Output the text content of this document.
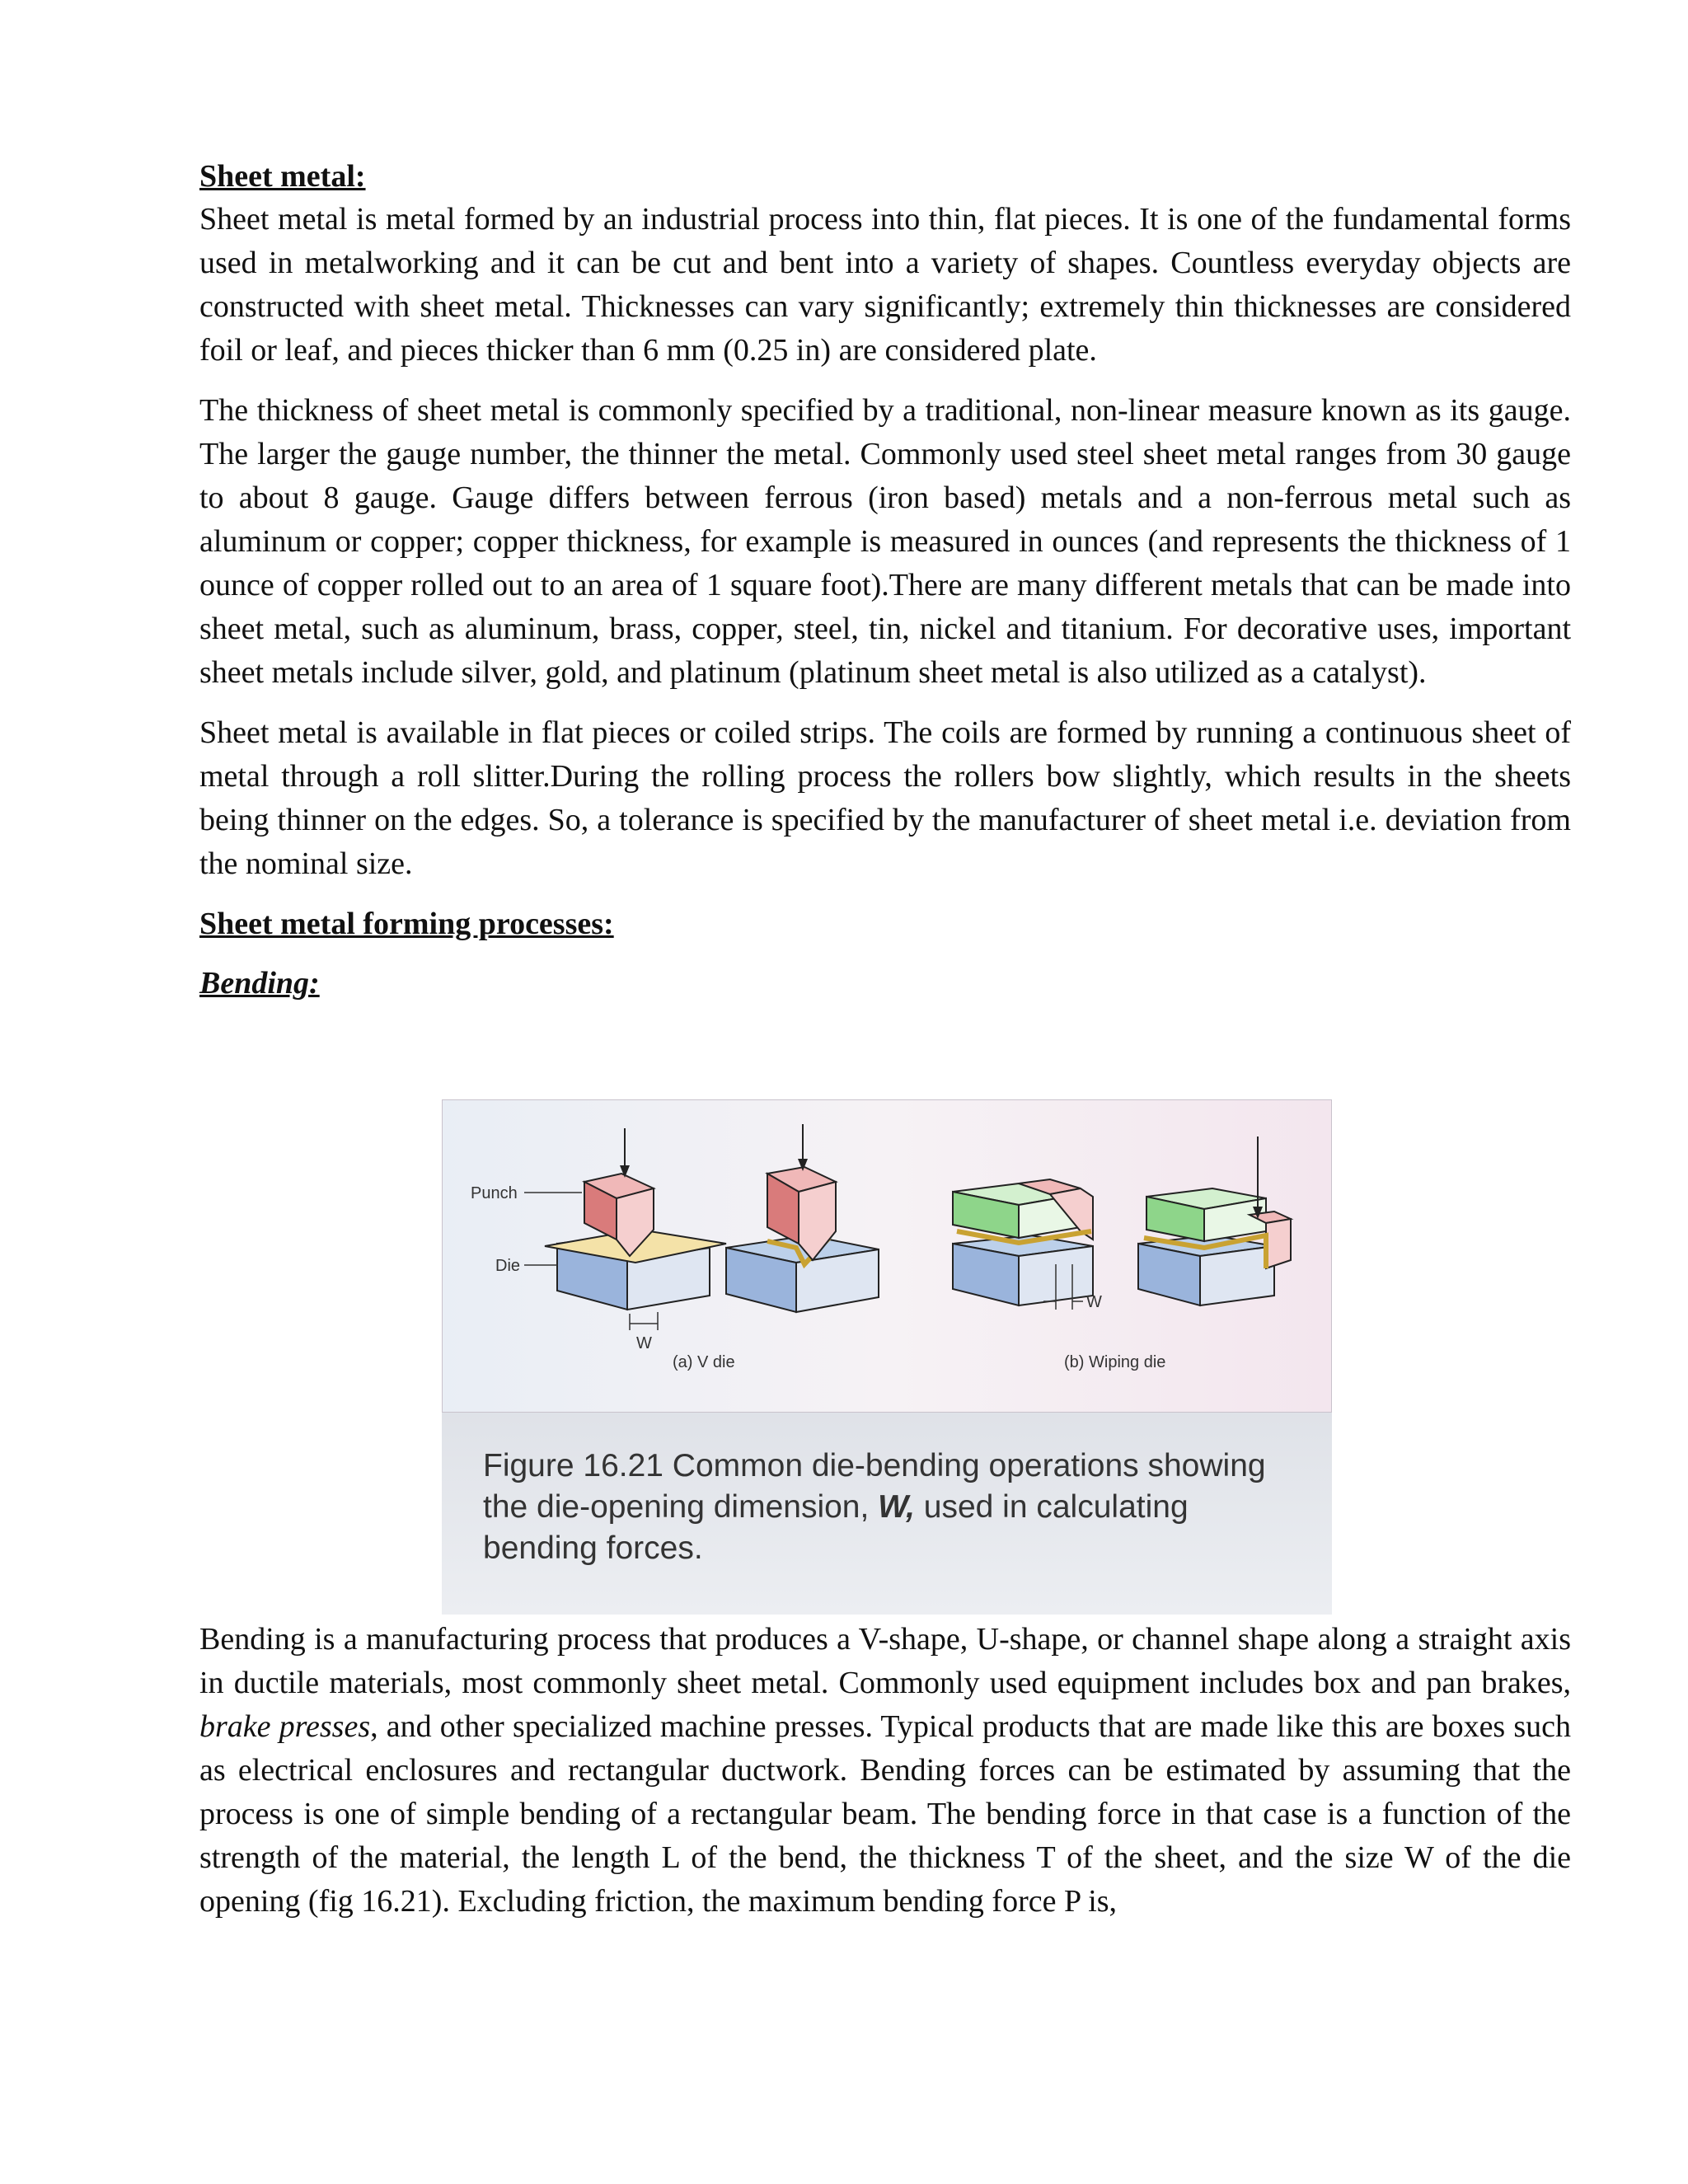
Sheet metal:

Sheet metal is metal formed by an industrial process into thin, flat pieces. It is one of the fundamental forms used in metalworking and it can be cut and bent into a variety of shapes. Countless everyday objects are constructed with sheet metal. Thicknesses can vary significantly; extremely thin thicknesses are considered foil or leaf, and pieces thicker than 6 mm (0.25 in) are considered plate.

The thickness of sheet metal is commonly specified by a traditional, non-linear measure known as its gauge. The larger the gauge number, the thinner the metal. Commonly used steel sheet metal ranges from 30 gauge to about 8 gauge. Gauge differs between ferrous (iron based) metals and a non-ferrous metal such as aluminum or copper; copper thickness, for example is measured in ounces (and represents the thickness of 1 ounce of copper rolled out to an area of 1 square foot).There are many different metals that can be made into sheet metal, such as aluminum, brass, copper, steel, tin, nickel and titanium. For decorative uses, important sheet metals include silver, gold, and platinum (platinum sheet metal is also utilized as a catalyst).

Sheet metal is available in flat pieces or coiled strips. The coils are formed by running a continuous sheet of metal through a roll slitter.During the rolling process the rollers bow slightly, which results in the sheets being thinner on the edges. So, a tolerance is specified by the manufacturer of sheet metal i.e. deviation from the nominal size.

Sheet metal forming processes:

Bending:

W
Punch
Die
W
(a) V die	(b) Wiping die

Figure 16.21 Common die-bending operations showing the die-opening dimension, W, used in calculating bending forces.

Bending is a manufacturing process that produces a V-shape, U-shape, or channel shape along a straight axis in ductile materials, most commonly sheet metal. Commonly used equipment includes box and pan brakes, brake presses, and other specialized machine presses. Typical products that are made like this are boxes such as electrical enclosures and rectangular ductwork. Bending forces can be estimated by assuming that the process is one of simple bending of a rectangular beam. The bending force in that case is a function of the strength of the material, the length L of the bend, the thickness T of the sheet, and the size W of the die opening (fig 16.21). Excluding friction, the maximum bending force P is,
